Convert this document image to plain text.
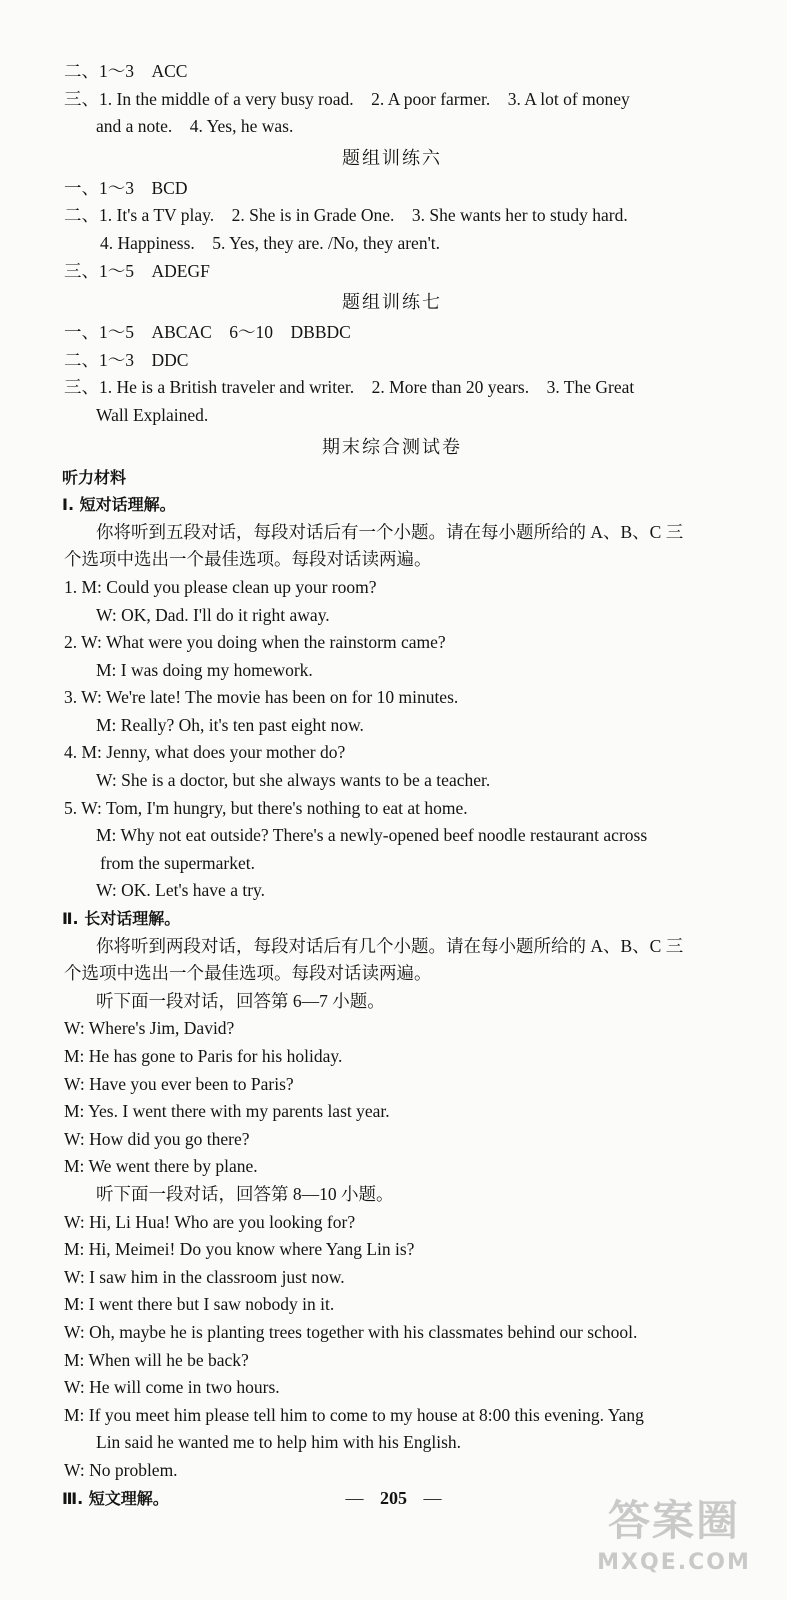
二、1～3　ACC
三、1. In the middle of a very busy road.　2. A poor farmer.　3. A lot of money
and a note.　4. Yes, he was.
题组训练六
一、1～3　BCD
二、1. It's a TV play.　2. She is in Grade One.　3. She wants her to study hard.
4. Happiness.　5. Yes, they are. /No, they aren't.
三、1～5　ADEGF
题组训练七
一、1～5　ABCAC　6～10　DBBDC
二、1～3　DDC
三、1. He is a British traveler and writer.　2. More than 20 years.　3. The Great
Wall Explained.
期末综合测试卷
听力材料
Ⅰ. 短对话理解。
你将听到五段对话，每段对话后有一个小题。请在每小题所给的 A、B、C 三
个选项中选出一个最佳选项。每段对话读两遍。
1. M: Could you please clean up your room?
W: OK, Dad. I'll do it right away.
2. W: What were you doing when the rainstorm came?
M: I was doing my homework.
3. W: We're late! The movie has been on for 10 minutes.
M: Really? Oh, it's ten past eight now.
4. M: Jenny, what does your mother do?
W: She is a doctor, but she always wants to be a teacher.
5. W: Tom, I'm hungry, but there's nothing to eat at home.
M: Why not eat outside? There's a newly-opened beef noodle restaurant across
from the supermarket.
W: OK. Let's have a try.
Ⅱ. 长对话理解。
你将听到两段对话，每段对话后有几个小题。请在每小题所给的 A、B、C 三
个选项中选出一个最佳选项。每段对话读两遍。
听下面一段对话，回答第 6—7 小题。
W: Where's Jim, David?
M: He has gone to Paris for his holiday.
W: Have you ever been to Paris?
M: Yes. I went there with my parents last year.
W: How did you go there?
M: We went there by plane.
听下面一段对话，回答第 8—10 小题。
W: Hi, Li Hua! Who are you looking for?
M: Hi, Meimei! Do you know where Yang Lin is?
W: I saw him in the classroom just now.
M: I went there but I saw nobody in it.
W: Oh, maybe he is planting trees together with his classmates behind our school.
M: When will he be back?
W: He will come in two hours.
M: If you meet him please tell him to come to my house at 8:00 this evening. Yang
Lin said he wanted me to help him with his English.
W: No problem.
Ⅲ. 短文理解。	— 205 —	答案圈
MXQE.COM
